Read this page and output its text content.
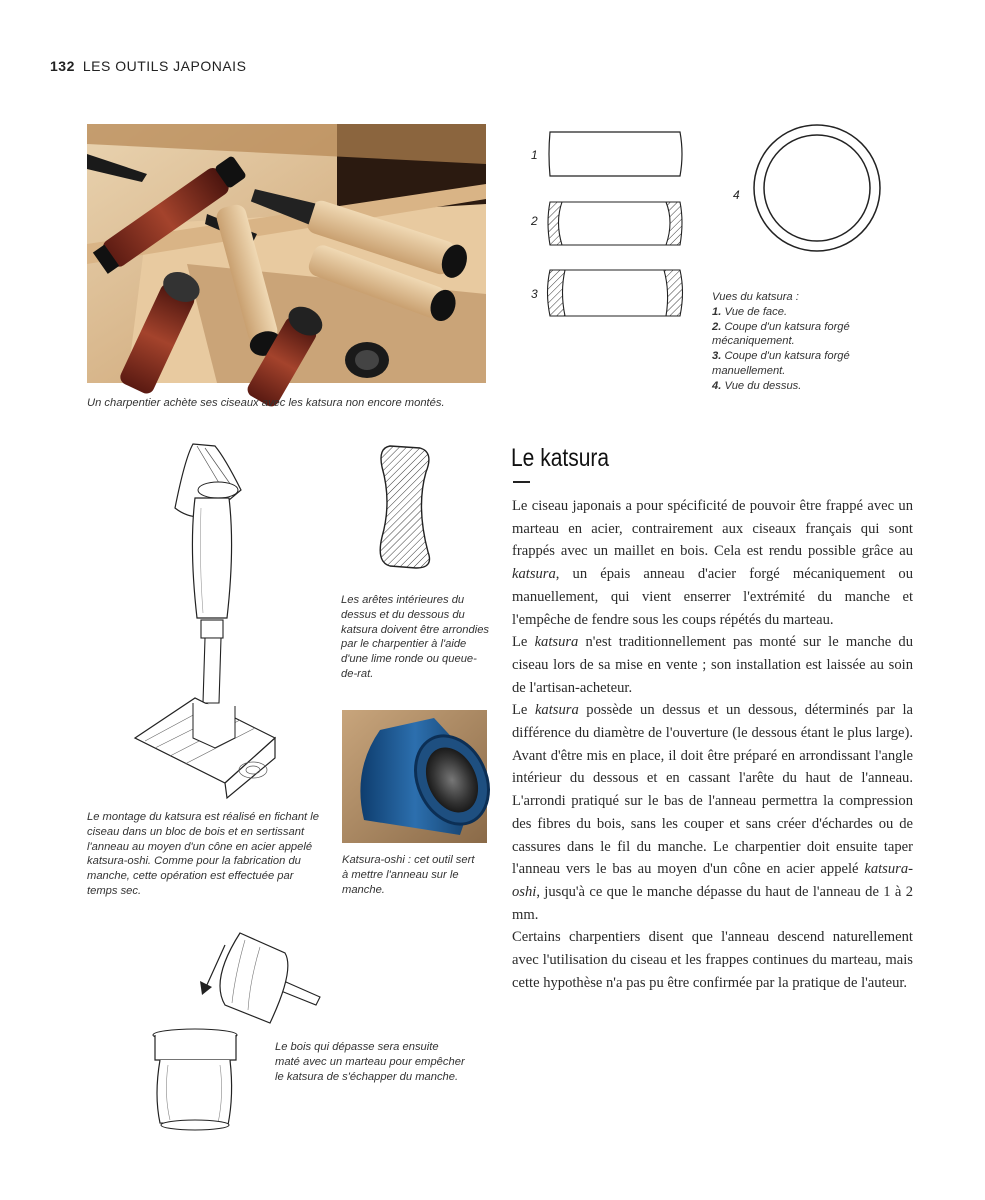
132 LES OUTILS JAPONAIS
Un charpentier achète ses ciseaux avec les katsura non encore montés.
1
2
3
4
Vues du katsura :
1. Vue de face.
2. Coupe d'un katsura forgé mécaniquement.
3. Coupe d'un katsura forgé manuellement.
4. Vue du dessus.
Le montage du katsura est réalisé en fichant le ciseau dans un bloc de bois et en sertissant l'anneau au moyen d'un cône en acier appelé katsura-oshi. Comme pour la fabrication du manche, cette opération est effectuée par temps sec.
Les arêtes intérieures du dessus et du dessous du katsura doivent être arrondies par le charpentier à l'aide d'une lime ronde ou queue-de-rat.
Katsura-oshi : cet outil sert à mettre l'anneau sur le manche.
Le bois qui dépasse sera ensuite maté avec un marteau pour empêcher le katsura de s'échapper du manche.
Le katsura

Le ciseau japonais a pour spécificité de pouvoir être frappé avec un marteau en acier, contrairement aux ciseaux français qui sont frappés avec un maillet en bois. Cela est rendu possible grâce au katsura, un épais anneau d'acier forgé mécaniquement ou manuellement, qui vient enserrer l'extrémité du manche et l'empêche de fendre sous les coups répétés du marteau.

Le katsura n'est traditionnellement pas monté sur le manche du ciseau lors de sa mise en vente ; son installation est laissée au soin de l'artisan-acheteur.

Le katsura possède un dessus et un dessous, déterminés par la différence du diamètre de l'ouverture (le dessous étant le plus large). Avant d'être mis en place, il doit être préparé en arrondissant l'angle intérieur du dessous et en cassant l'arête du haut de l'anneau. L'arrondi pratiqué sur le bas de l'anneau permettra la compression des fibres du bois, sans les couper et sans créer d'échardes ou de cassures dans le fil du manche. Le charpentier doit ensuite taper l'anneau vers le bas au moyen d'un cône en acier appelé katsura-oshi, jusqu'à ce que le manche dépasse du haut de l'anneau de 1 à 2 mm.

Certains charpentiers disent que l'anneau descend naturellement avec l'utilisation du ciseau et les frappes continues du marteau, mais cette hypothèse n'a pas pu être confirmée par la pratique de l'auteur.
